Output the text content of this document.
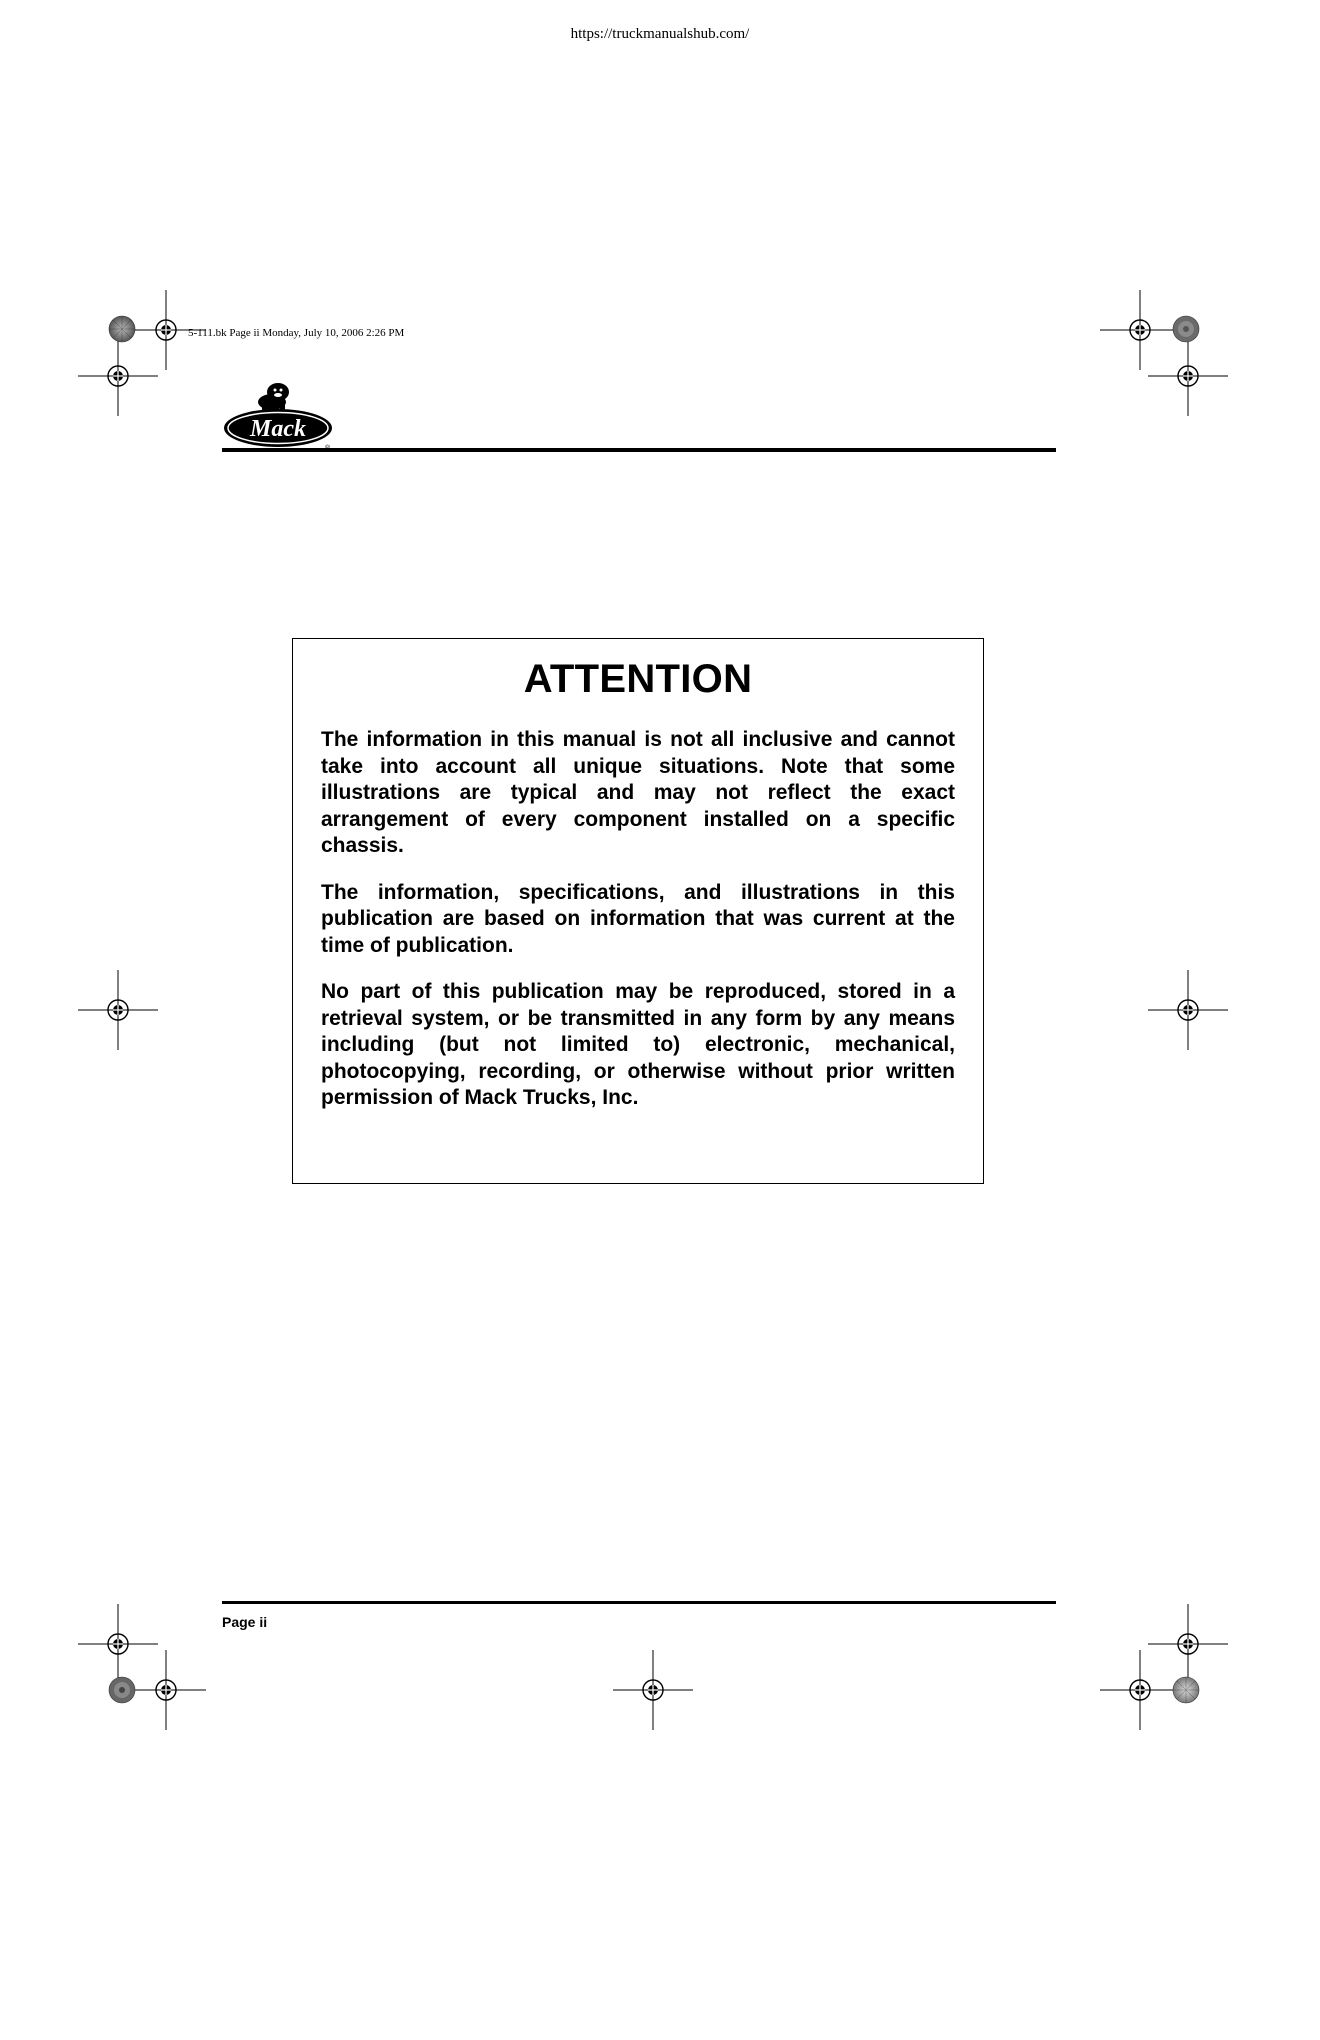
https://truckmanualshub.com/
5-111.bk Page ii Monday, July 10, 2006 2:26 PM
Mack
ATTENTION

The information in this manual is not all inclusive and cannot take into account all unique situations. Note that some illustrations are typical and may not reflect the exact arrangement of every component installed on a specific chassis.

The information, specifications, and illustrations in this publication are based on information that was current at the time of publication.

No part of this publication may be reproduced, stored in a retrieval system, or be transmitted in any form by any means including (but not limited to) electronic, mechanical, photocopying, recording, or otherwise without prior written permission of Mack Trucks, Inc.

Page ii
